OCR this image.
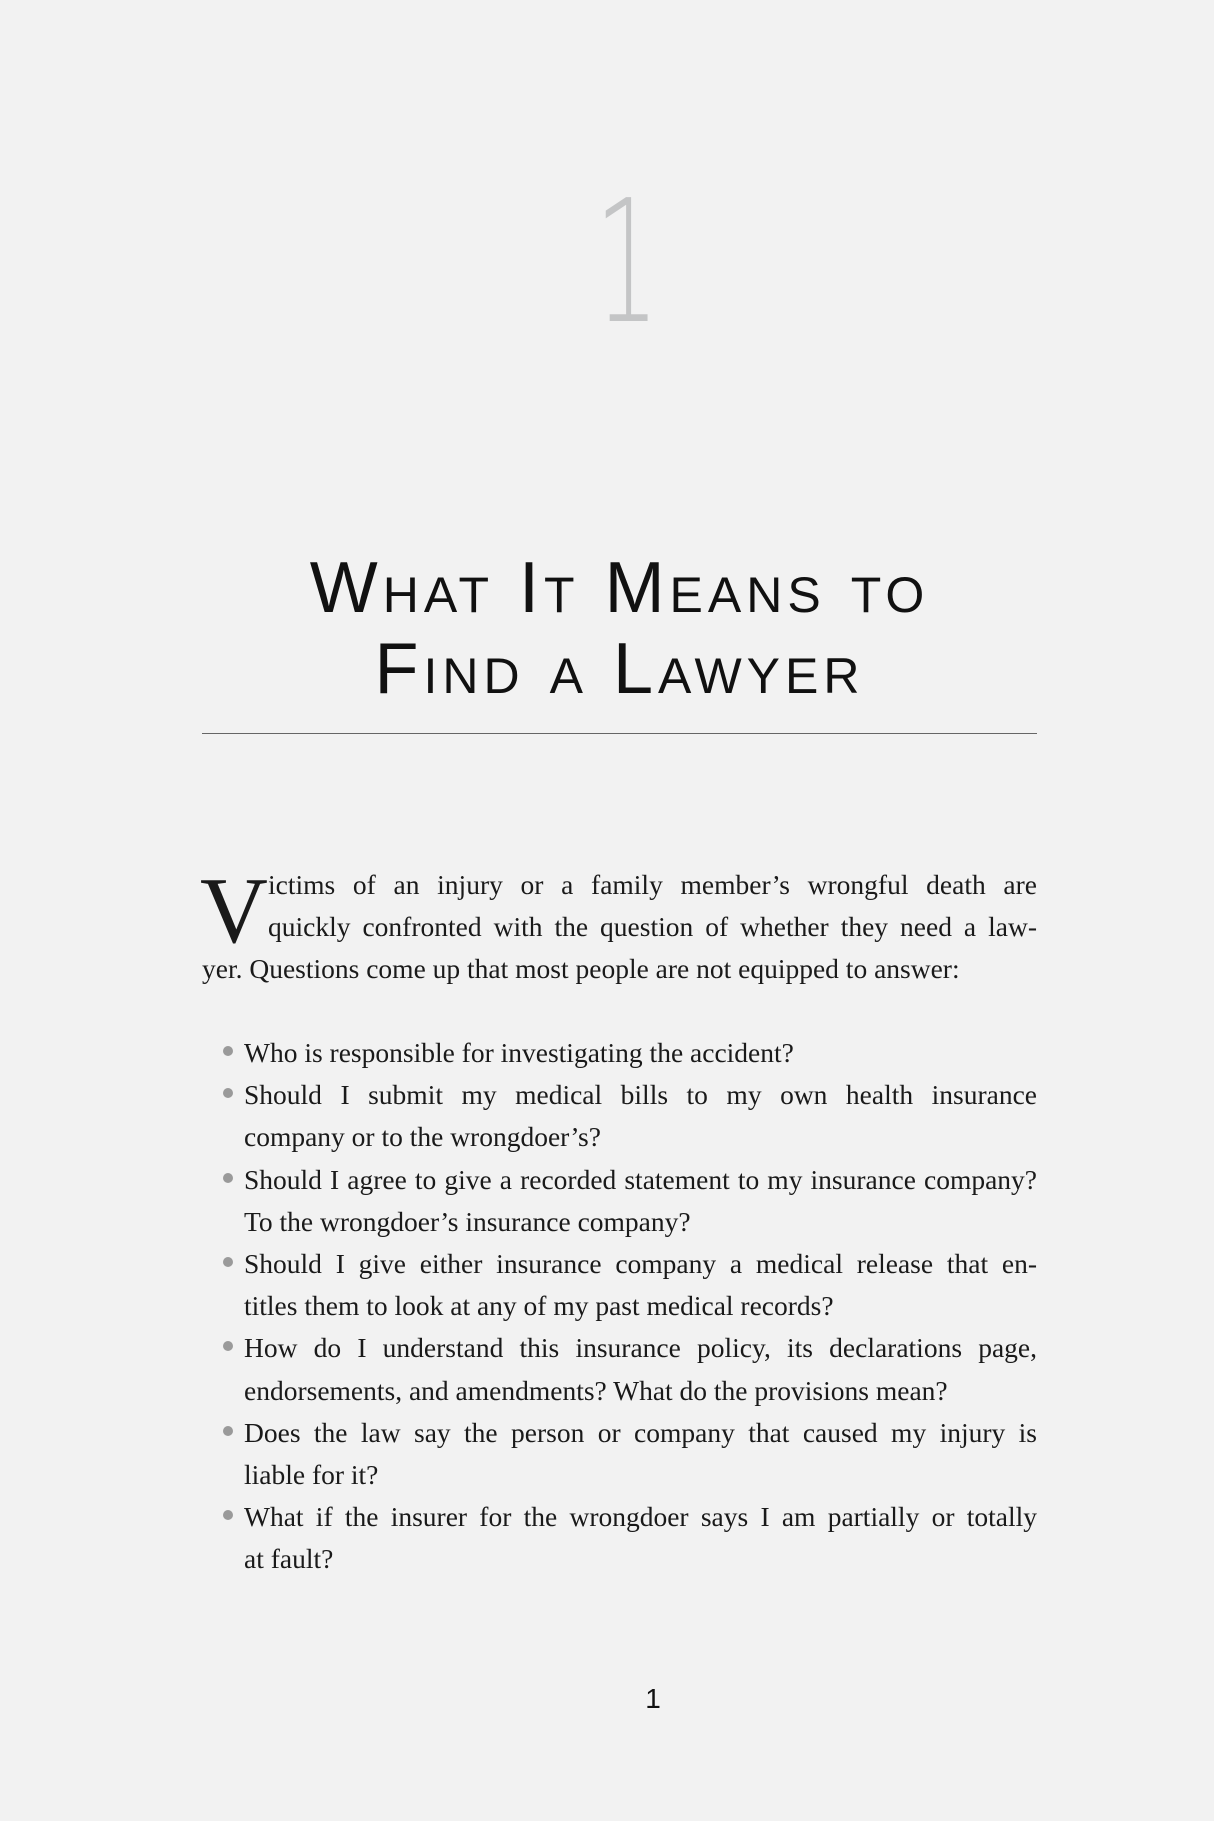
1
What It Means to
Find a Lawyer
V ictims of an injury or a family member’s wrongful death are
quickly confronted with the question of whether they need a law-
yer. Questions come up that most people are not equipped to answer:
Who is responsible for investigating the accident?
Should I submit my medical bills to my own health insurance
company or to the wrongdoer’s?
Should I agree to give a recorded statement to my insurance company?
To the wrongdoer’s insurance company?
Should I give either insurance company a medical release that en-
titles them to look at any of my past medical records?
How do I understand this insurance policy, its declarations page,
endorsements, and amendments? What do the provisions mean?
Does the law say the person or company that caused my injury is
liable for it?
What if the insurer for the wrongdoer says I am partially or totally
at fault?
1
